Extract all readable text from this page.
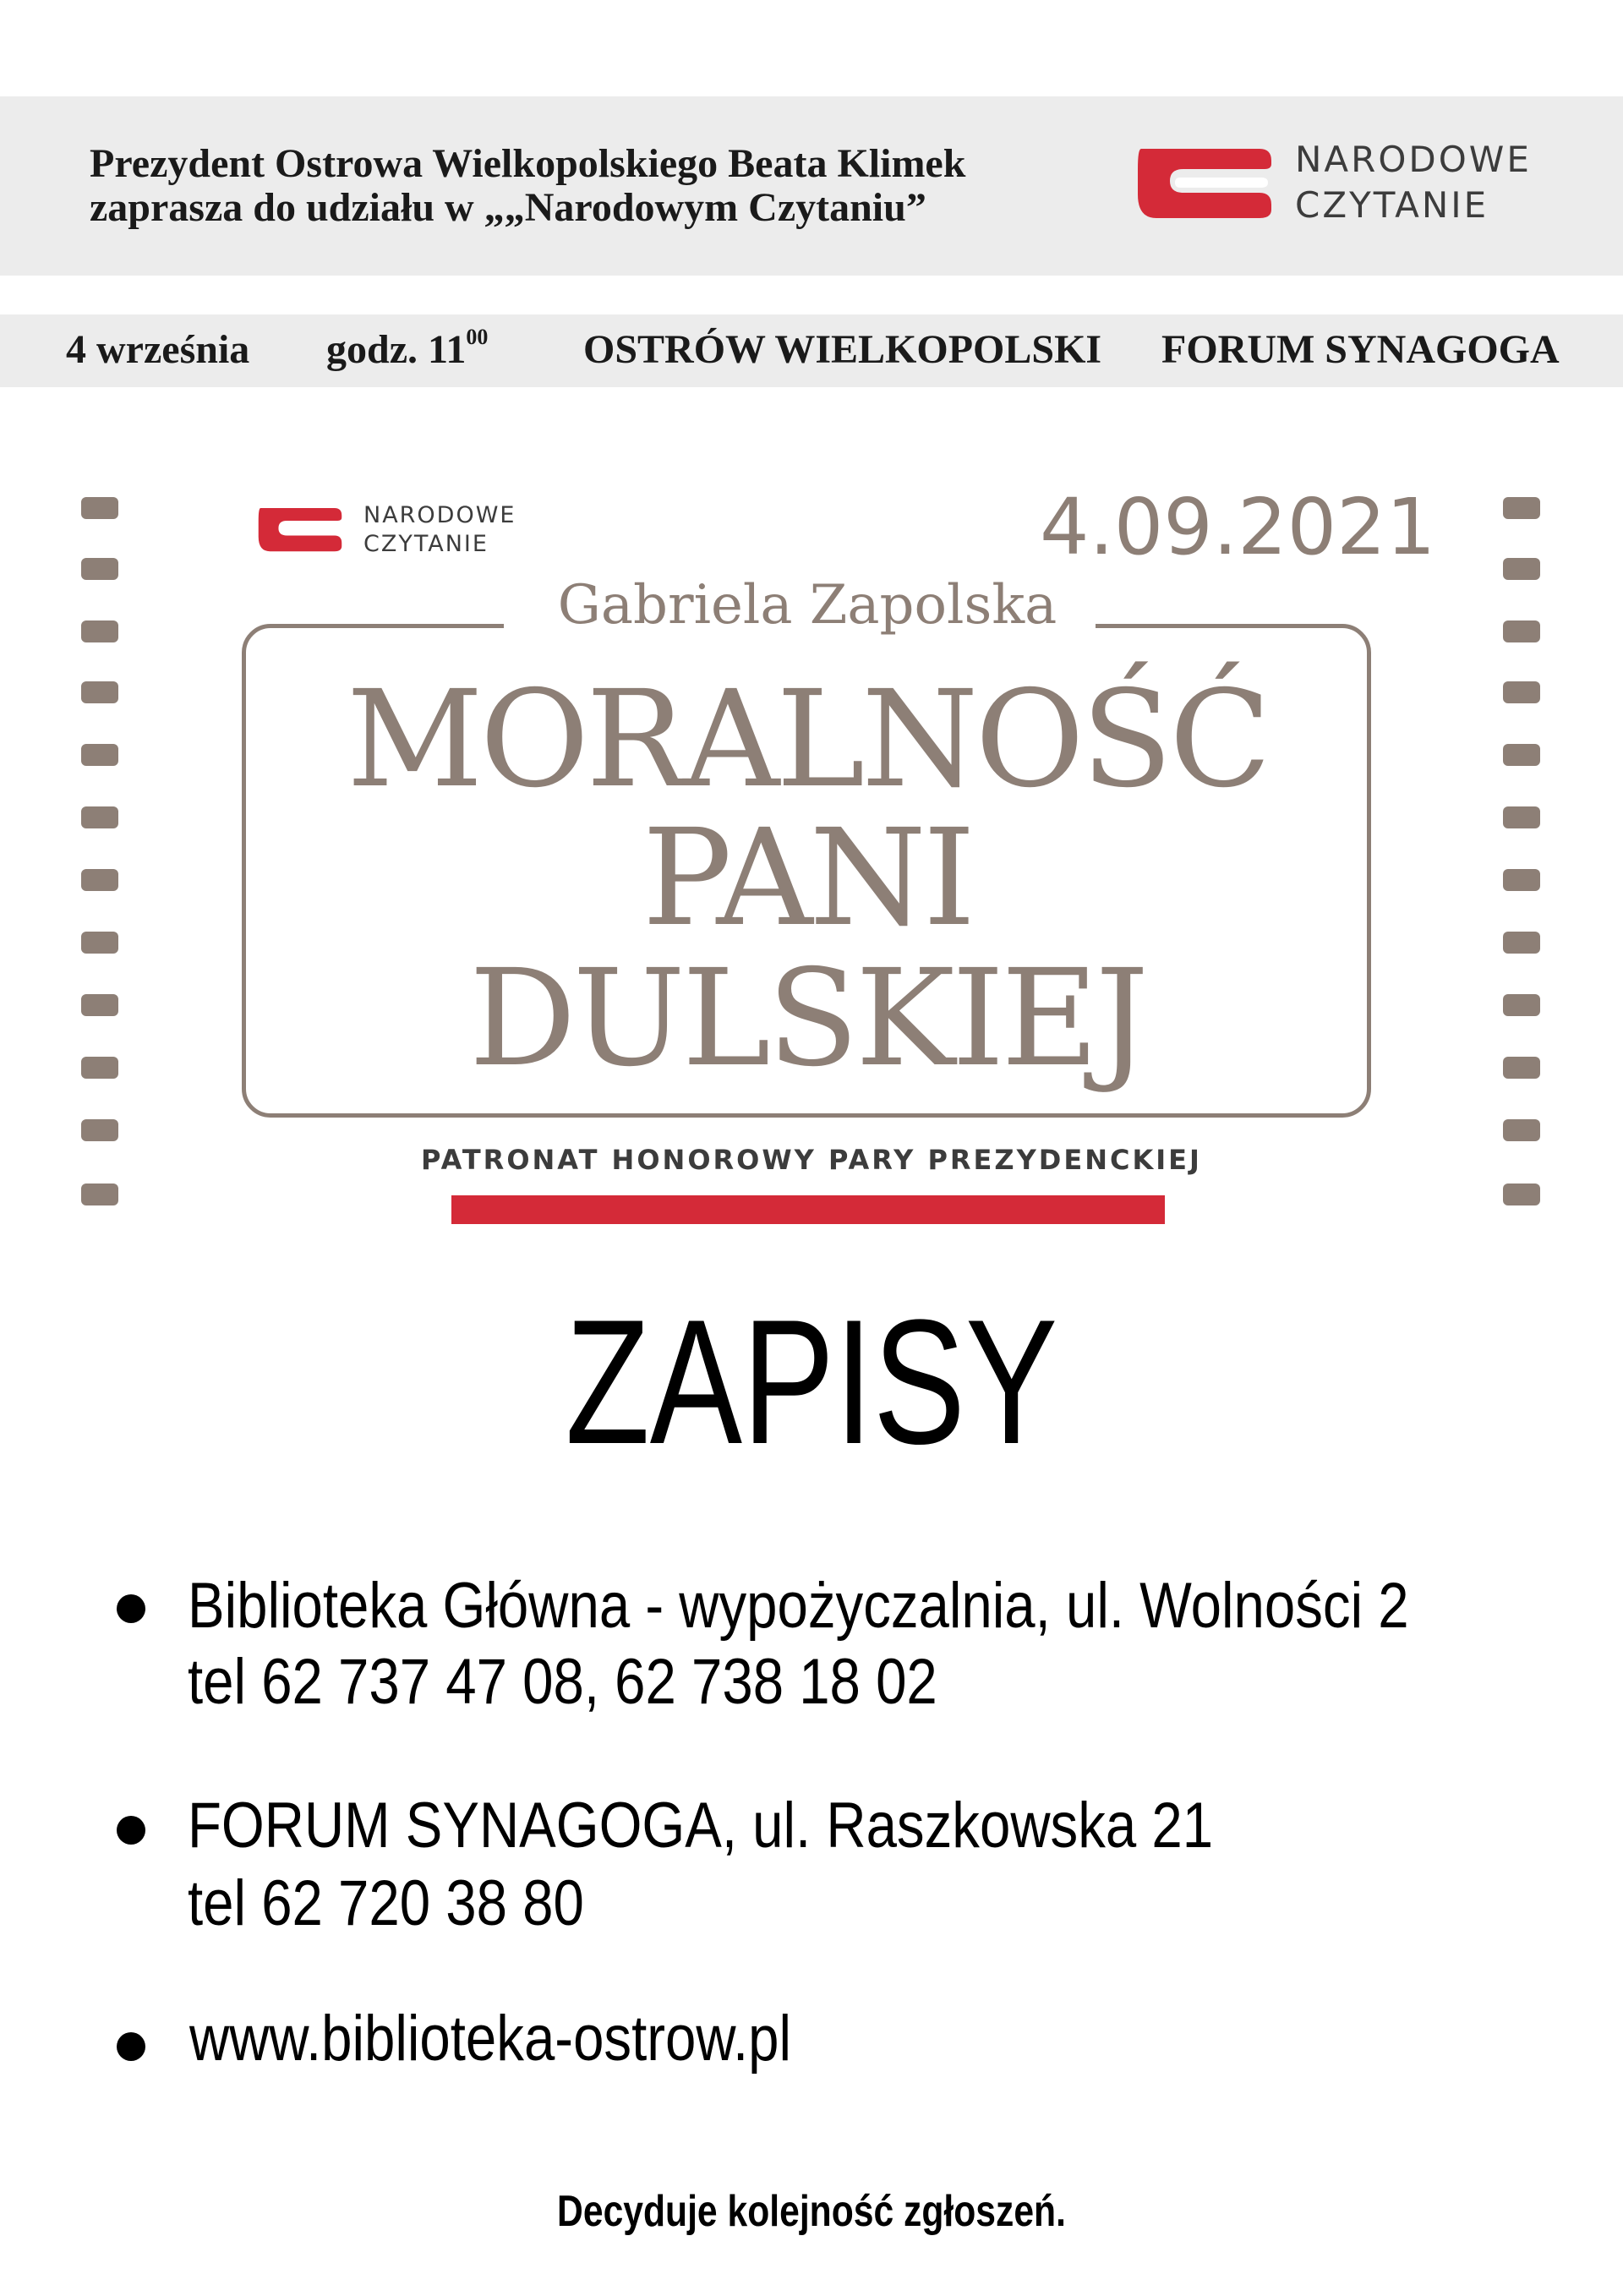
Prezydent Ostrowa Wielkopolskiego Beata Klimek
zaprasza do udziału w „„Narodowym Czytaniu”
NARODOWE
CZYTANIE
4 września godz. $11^{00}$ OSTRÓW WIELKOPOLSKI FORUM SYNAGOGA
NARODOWE
CZYTANIE	4.09.2021
Gabriela Zapolska
MORALNOŚĆ
PANI
DULSKIEJ
PATRONAT HONOROWY PARY PREZYDENCKIEJ
ZAPISY
Biblioteka Główna - wypożyczalnia, ul. Wolności 2
tel 62 737 47 08, 62 738 18 02
FORUM SYNAGOGA, ul. Raszkowska 21
tel 62 720 38 80
www.biblioteka-ostrow.pl
Decyduje kolejność zgłoszeń.
